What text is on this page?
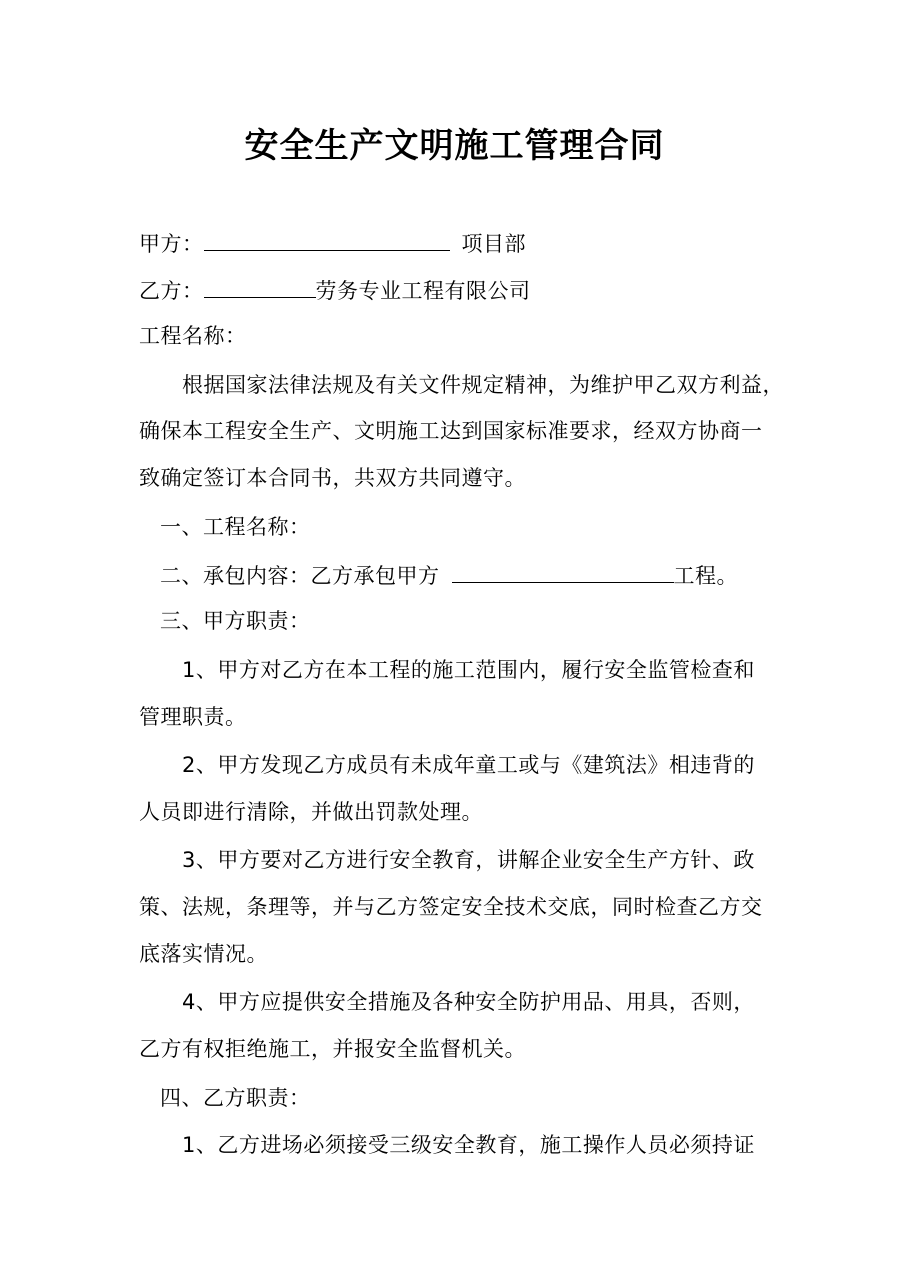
安全生产文明施工管理合同
甲方：	项目部
乙方：	劳务专业工程有限公司
工程名称：
根据国家法律法规及有关文件规定精神，为维护甲乙双方利益，
确保本工程安全生产、文明施工达到国家标准要求，经双方协商一
致确定签订本合同书，共双方共同遵守。
一、工程名称：
二、承包内容：乙方承包甲方	工程。
三、甲方职责：
1、甲方对乙方在本工程的施工范围内，履行安全监管检查和
管理职责。
2、甲方发现乙方成员有未成年童工或与《建筑法》相违背的
人员即进行清除，并做出罚款处理。
3、甲方要对乙方进行安全教育，讲解企业安全生产方针、政
策、法规，条理等，并与乙方签定安全技术交底，同时检查乙方交
底落实情况。
4、甲方应提供安全措施及各种安全防护用品、用具，否则，
乙方有权拒绝施工，并报安全监督机关。
四、乙方职责：
1、乙方进场必须接受三级安全教育，施工操作人员必须持证
